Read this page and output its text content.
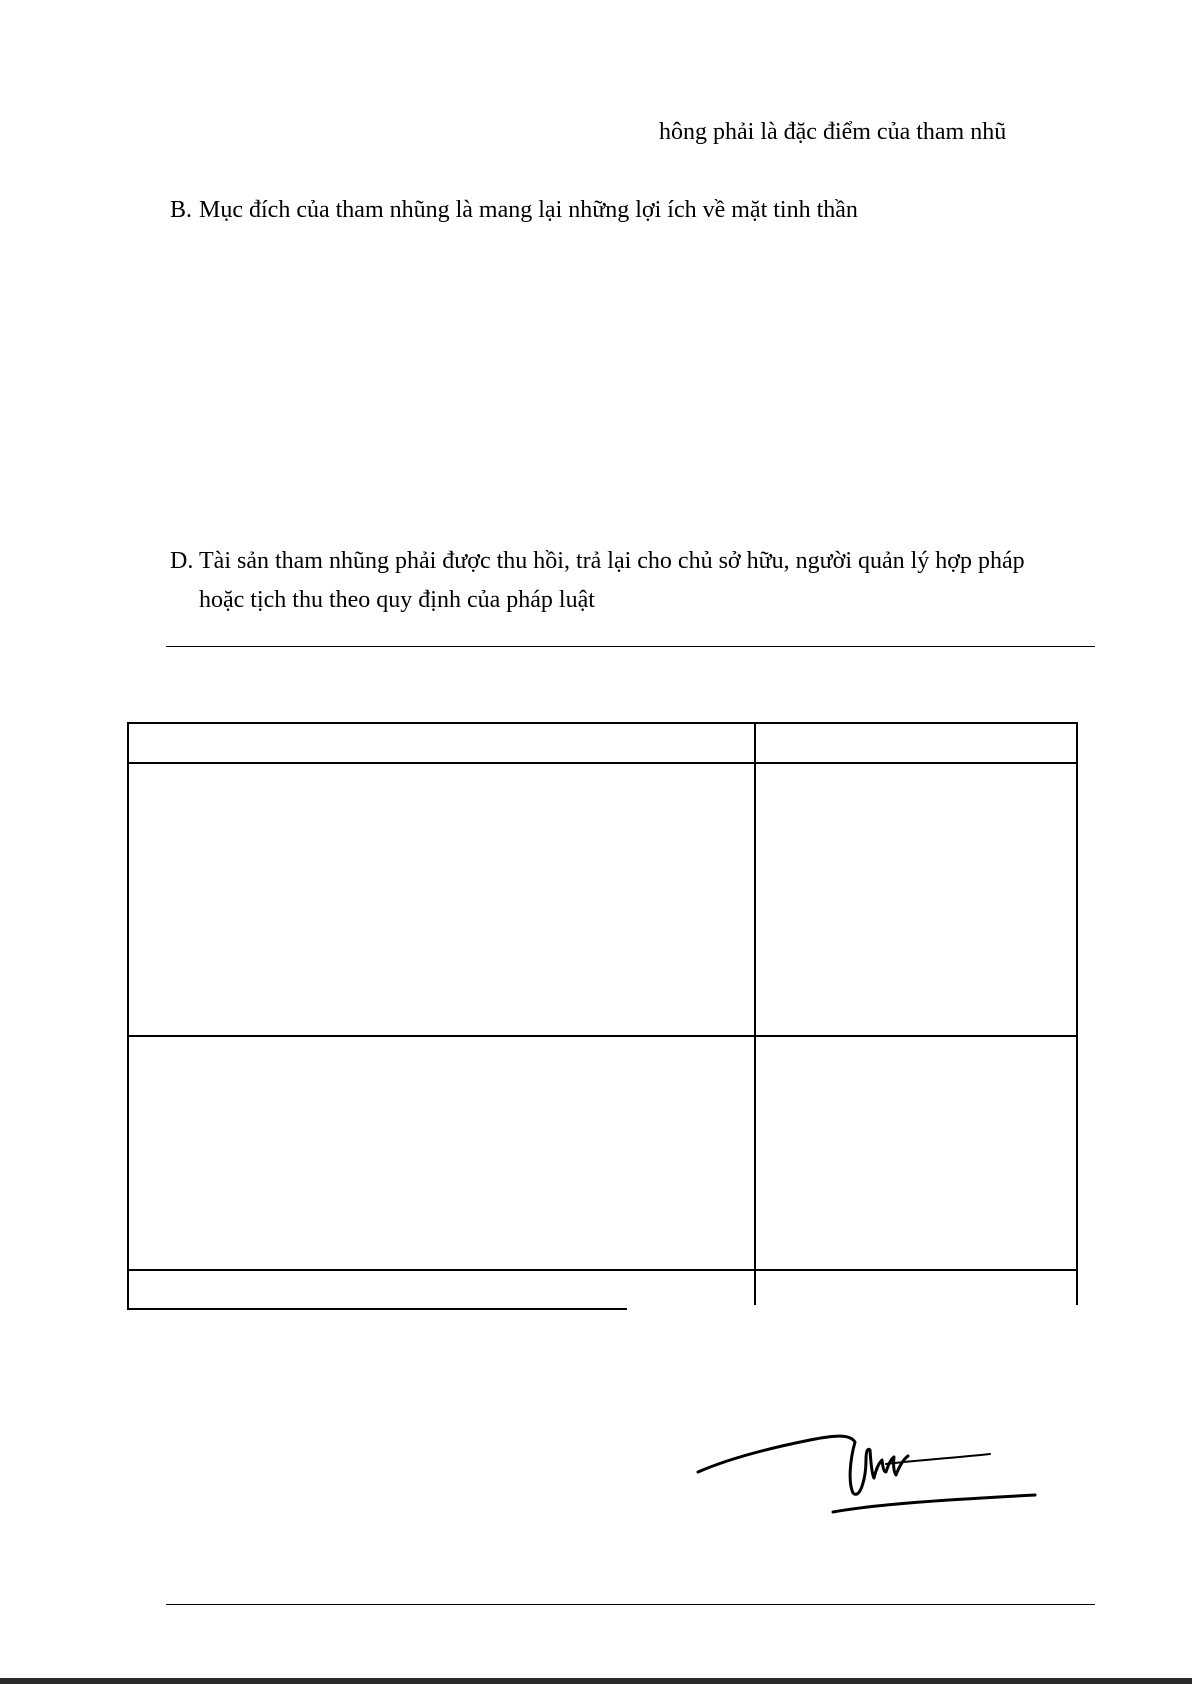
hông phải là đặc điểm của tham nhũ
B. Mục đích của tham nhũng là mang lại những lợi ích về mặt tinh thần
D. Tài sản tham nhũng phải được thu hồi, trả lại cho chủ sở hữu, người quản lý hợp pháp
hoặc tịch thu theo quy định của pháp luật
